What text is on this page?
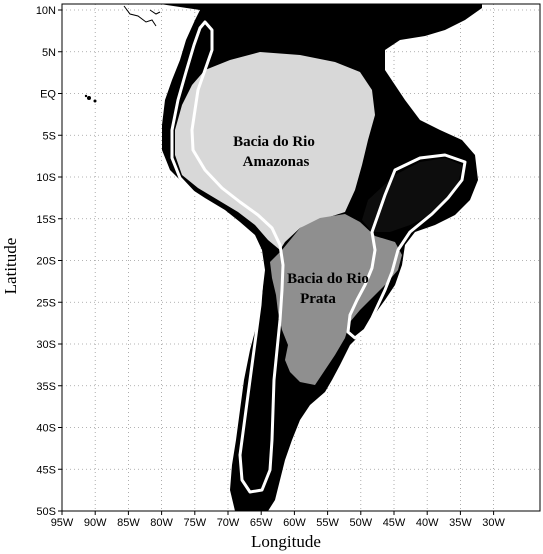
10N
5N
EQ
5S
10S
15S
20S
25S
30S
35S
40S
45S
50S
95W 90W 85W 80W 75W 70W 65W 60W 55W 50W 45W 40W 35W 30W
Bacia do Rio
Amazonas
Bacia do Rio
Prata
Longitude
Latitude
